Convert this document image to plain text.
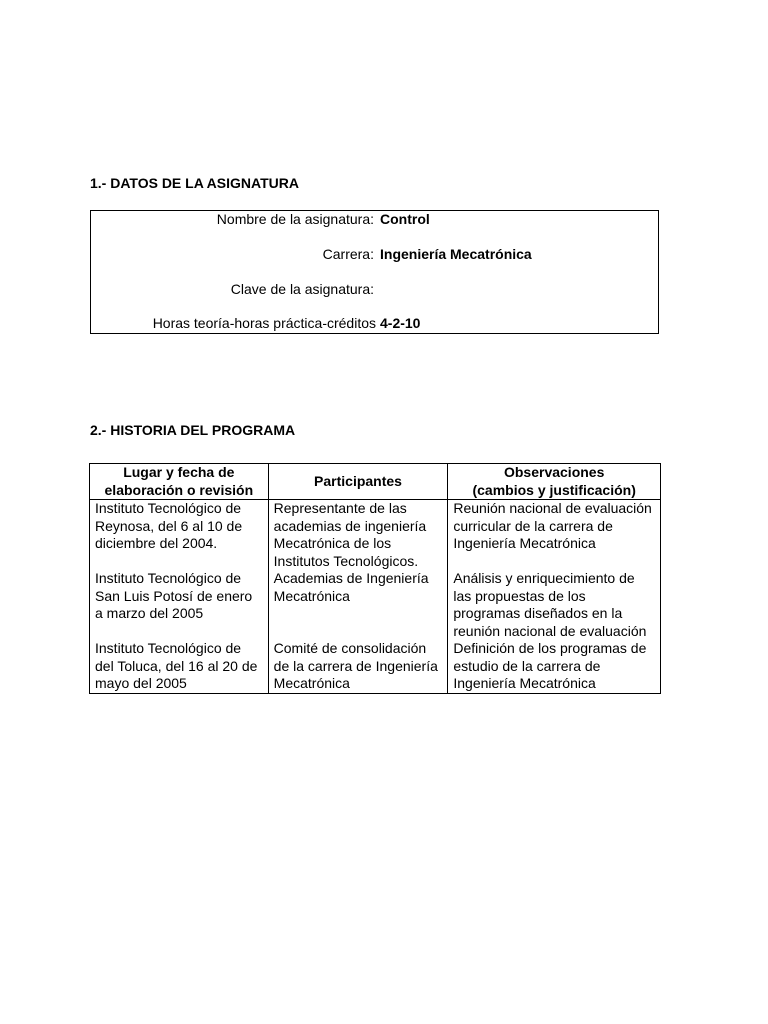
1.- DATOS DE LA ASIGNATURA
Nombre de la asignatura: Control
Carrera: Ingeniería Mecatrónica
Clave de la asignatura:
Horas teoría-horas práctica-créditos 4-2-10
2.- HISTORIA DEL PROGRAMA
Lugar y fecha de
elaboración o revisión	Participantes	Observaciones
(cambios y justificación)
Instituto Tecnológico de Reynosa, del 6 al 10 de diciembre del 2004.	Representante de las academias de ingeniería Mecatrónica de los Institutos Tecnológicos.	Reunión nacional de evaluación curricular de la carrera de Ingeniería Mecatrónica
Instituto Tecnológico de San Luis Potosí de enero a marzo del 2005	Academias de Ingeniería Mecatrónica	Análisis y enriquecimiento de las propuestas de los programas diseñados en la reunión nacional de evaluación
Instituto Tecnológico de del Toluca, del 16 al 20 de mayo del 2005	Comité de consolidación de la carrera de Ingeniería Mecatrónica	Definición de los programas de estudio de la carrera de Ingeniería Mecatrónica
